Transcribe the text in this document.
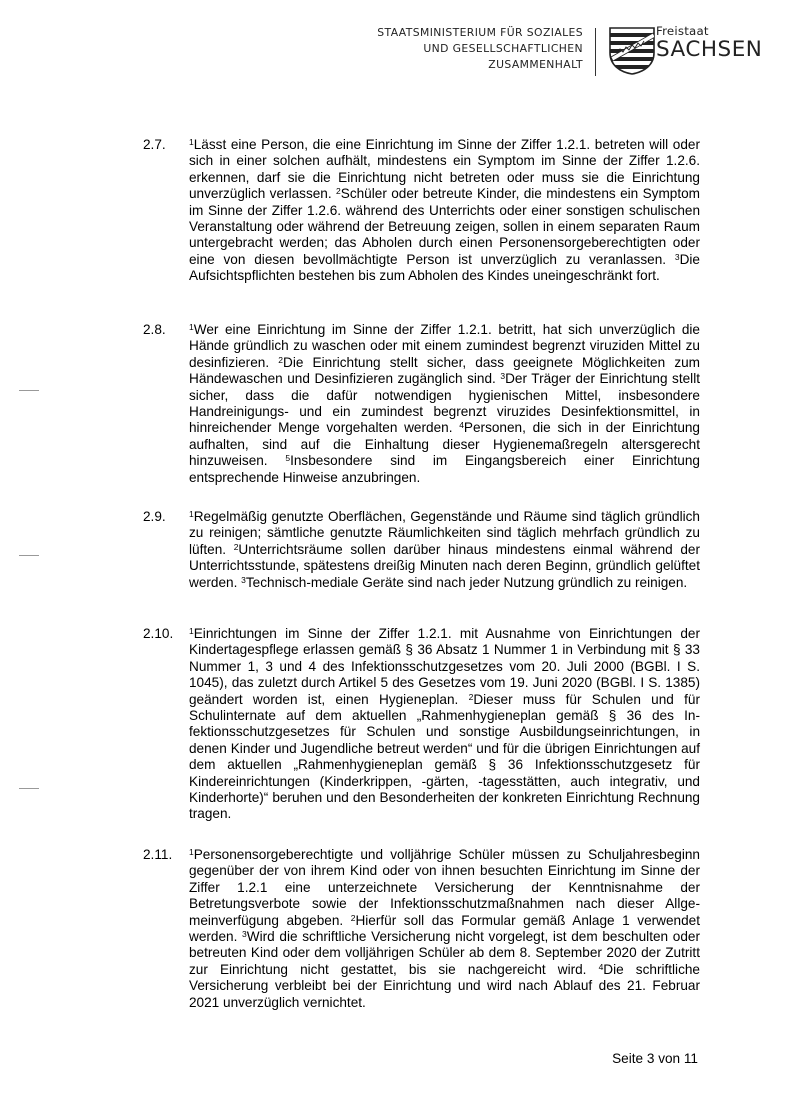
STAATSMINISTERIUM FÜR SOZIALES
UND GESELLSCHAFTLICHEN
ZUSAMMENHALT
Freistaat
SACHSEN
2.7.	$^1$Lässt eine Person, die eine Einrichtung im Sinne der Ziffer 1.2.1. betreten will oder sich in einer solchen aufhält, mindestens ein Symptom im Sinne der Ziffer 1.2.6. erkennen, darf sie die Einrichtung nicht betreten oder muss sie die Einrichtung unverzüglich verlassen. $^2$Schüler oder betreute Kinder, die mindestens ein Symptom im Sinne der Ziffer 1.2.6. während des Unterrichts oder einer sonstigen schulischen Veranstaltung oder während der Betreuung zeigen, sollen in einem separaten Raum untergebracht werden; das Abholen durch einen Personensorgeberechtigten oder eine von diesen bevollmächtigte Person ist unverzüglich zu veranlassen. $^3$Die Aufsichtspflichten bestehen bis zum Abholen des Kindes uneingeschränkt fort.
2.8.	$^1$Wer eine Einrichtung im Sinne der Ziffer 1.2.1. betritt, hat sich unverzüglich die Hände gründlich zu waschen oder mit einem zumindest begrenzt viruziden Mittel zu desinfizieren. $^2$Die Einrichtung stellt sicher, dass geeignete Möglichkeiten zum Händewaschen und Desinfizieren zugänglich sind. $^3$Der Träger der Einrichtung stellt sicher, dass die dafür notwendigen hygienischen Mittel, insbesondere Handreinigungs- und ein zumindest begrenzt viruzides Desinfektionsmittel, in hinreichender Menge vorgehalten werden. $^4$Personen, die sich in der Einrichtung aufhalten, sind auf die Einhaltung dieser Hygienemaßregeln altersgerecht hinzuweisen. $^5$Insbesondere sind im Eingangsbereich einer Einrichtung entsprechende Hinweise anzubringen.
2.9.	$^1$Regelmäßig genutzte Oberflächen, Gegenstände und Räume sind täglich gründlich zu reinigen; sämtliche genutzte Räumlichkeiten sind täglich mehrfach gründlich zu lüften. $^2$Unterrichtsräume sollen darüber hinaus mindestens einmal während der Unterrichtsstunde, spätestens dreißig Minuten nach deren Beginn, gründlich gelüftet werden. $^3$Technisch-mediale Geräte sind nach jeder Nutzung gründlich zu reinigen.
2.10. $^1$Einrichtungen im Sinne der Ziffer 1.2.1. mit Ausnahme von Einrichtungen der Kindertagespflege erlassen gemäß § 36 Absatz 1 Nummer 1 in Verbindung mit § 33 Nummer 1, 3 und 4 des Infektionsschutzgesetzes vom 20. Juli 2000 (BGBl. I S. 1045), das zuletzt durch Artikel 5 des Gesetzes vom 19. Juni 2020 (BGBl. I S. 1385) geändert worden ist, einen Hygieneplan. $^2$Dieser muss für Schulen und für Schulinternate auf dem aktuellen „Rahmenhygieneplan gemäß § 36 des Infektionsschutzgesetzes für Schulen und sonstige Ausbildungseinrichtungen, in denen Kinder und Jugendliche betreut werden“ und für die übrigen Einrichtungen auf dem aktuellen „Rahmenhygieneplan gemäß § 36 Infektionsschutzgesetz für Kindereinrichtungen (Kinderkrippen, -gärten, -tagesstätten, auch integrativ, und Kinderhorte)“ beruhen und den Besonderheiten der konkreten Einrichtung Rechnung tragen.
2.11. $^1$Personensorgeberechtigte und volljährige Schüler müssen zu Schuljahresbeginn gegenüber der von ihrem Kind oder von ihnen besuchten Einrichtung im Sinne der Ziffer 1.2.1 eine unterzeichnete Versicherung der Kenntnisnahme der Betretungsverbote sowie der Infektionsschutzmaßnahmen nach dieser Allgemeinverfügung abgeben. $^2$Hierfür soll das Formular gemäß Anlage 1 verwendet werden. $^3$Wird die schriftliche Versicherung nicht vorgelegt, ist dem beschulten oder betreuten Kind oder dem volljährigen Schüler ab dem 8. September 2020 der Zutritt zur Einrichtung nicht gestattet, bis sie nachgereicht wird. $^4$Die schriftliche Versicherung verbleibt bei der Einrichtung und wird nach Ablauf des 21. Februar 2021 unverzüglich vernichtet.
Seite 3 von 11
